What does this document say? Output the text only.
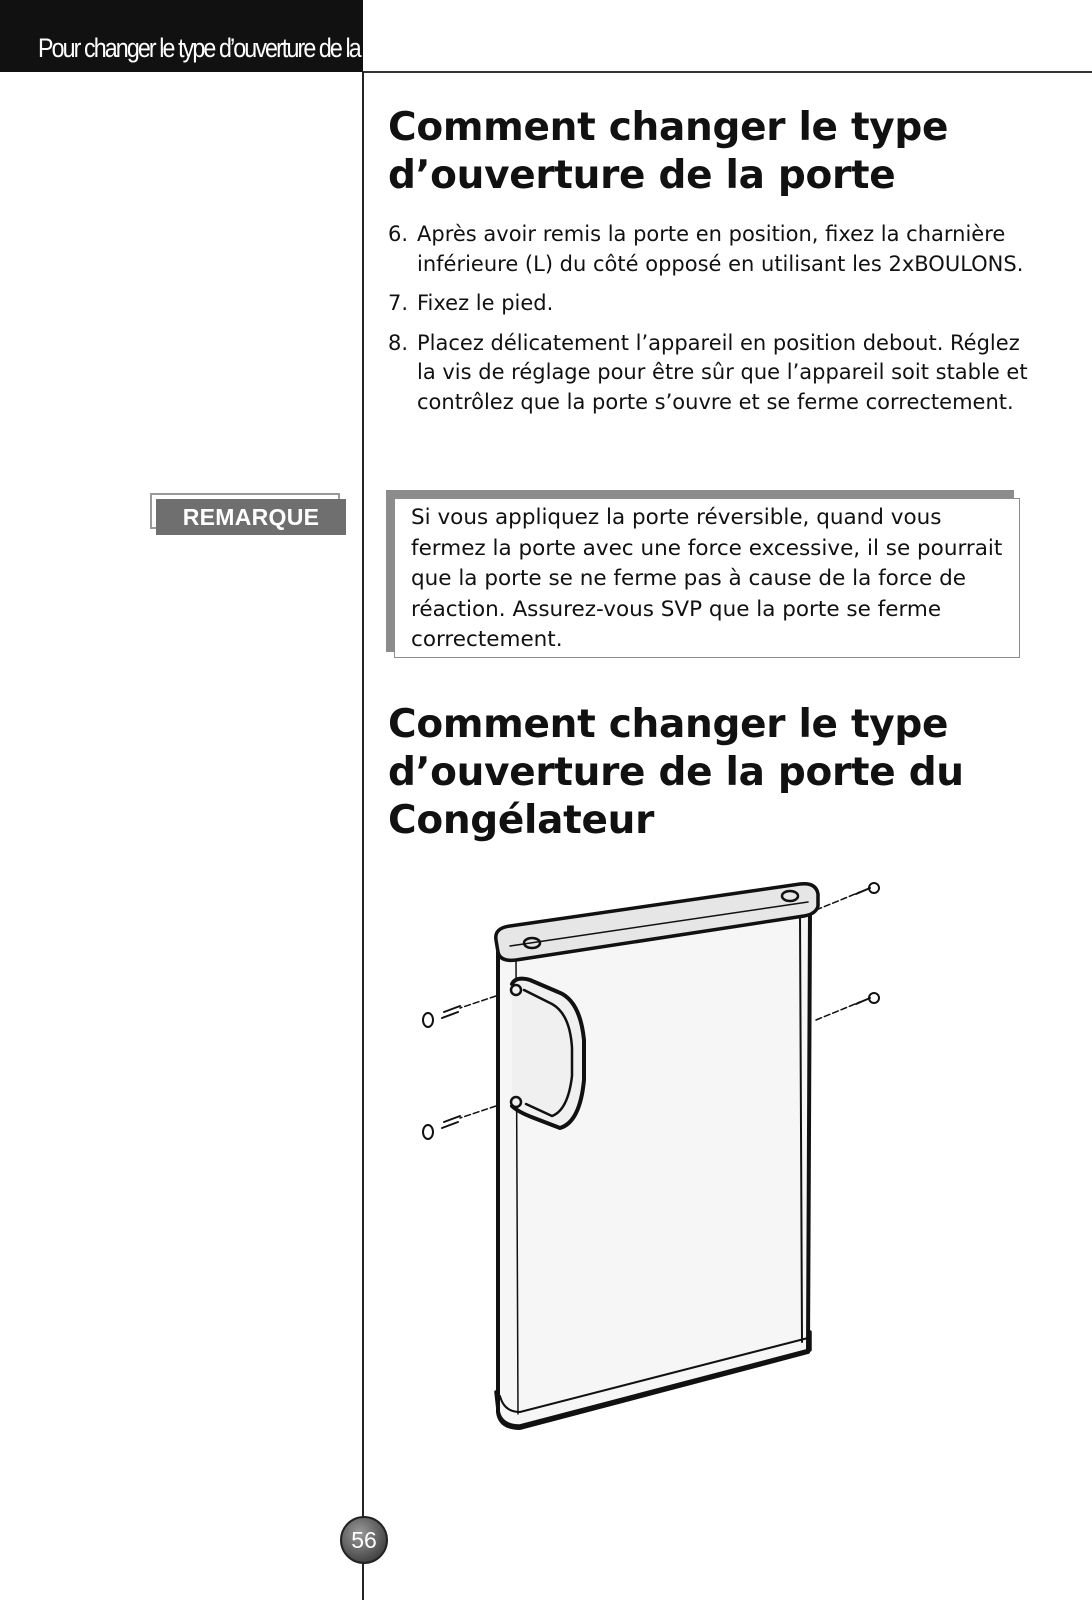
Pour changer le type d’ouverture de la porte
Comment changer le type d’ouverture de la porte
6. Après avoir remis la porte en position, fixez la charnière inférieure (L) du côté opposé en utilisant les 2xBOULONS.
7. Fixez le pied.
8. Placez délicatement l’appareil en position debout. Réglez la vis de réglage pour être sûr que l’appareil soit stable et contrôlez que la porte s’ouvre et se ferme correctement.
REMARQUE	Si vous appliquez la porte réversible, quand vous fermez la porte avec une force excessive, il se pourrait que la porte se ne ferme pas à cause de la force de réaction. Assurez-vous SVP que la porte se ferme correctement.
Comment changer le type d’ouverture de la porte du Congélateur
56
